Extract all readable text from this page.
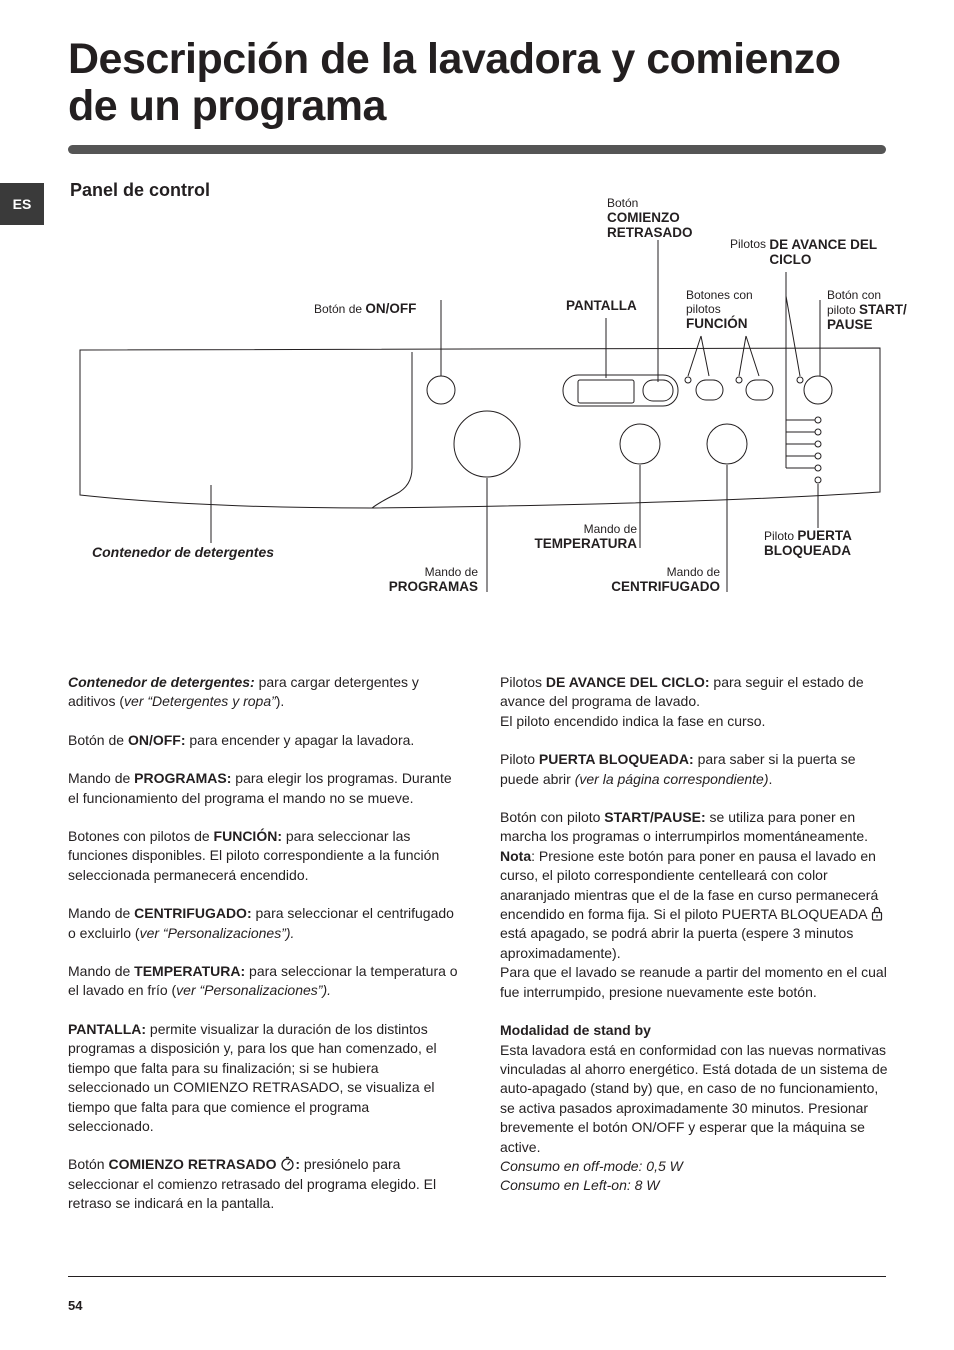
Descripción de la lavadora y comienzo de un programa
ES
Panel de control
Botón
COMIENZO RETRASADO
Pilotos DE AVANCE DEL CICLO
Botón de ON/OFF	PANTALLA
Botones con pilotos
FUNCIÓN
Botón con
piloto START/
PAUSE
Contenedor de detergentes
Mando de
TEMPERATURA	Piloto PUERTA
BLOQUEADA
Mando de
PROGRAMAS
Mando de
CENTRIFUGADO

Contenedor de detergentes: para cargar detergentes y aditivos (ver “Detergentes y ropa”).

Botón de ON/OFF: para encender y apagar la lavadora.

Mando de PROGRAMAS: para elegir los programas. Durante el funcionamiento del programa el mando no se mueve.

Botones con pilotos de FUNCIÓN: para seleccionar las funciones disponibles. El piloto correspondiente a la función seleccionada permanecerá encendido.

Mando de CENTRIFUGADO: para seleccionar el centrifugado o excluirlo (ver “Personalizaciones”).

Mando de TEMPERATURA: para seleccionar la temperatura o el lavado en frío (ver “Personalizaciones”).

PANTALLA: permite visualizar la duración de los distintos programas a disposición y, para los que han comenzado, el tiempo que falta para su finalización; si se hubiera seleccionado un COMIENZO RETRASADO, se visualiza el tiempo que falta para que comience el programa seleccionado.

Botón COMIENZO RETRASADO : presiónelo para seleccionar el comienzo retrasado del programa elegido. El retraso se indicará en la pantalla.

Pilotos DE AVANCE DEL CICLO: para seguir el estado de avance del programa de lavado.
El piloto encendido indica la fase en curso.

Piloto PUERTA BLOQUEADA: para saber si la puerta se puede abrir (ver la página correspondiente).

Botón con piloto START/PAUSE: se utiliza para poner en marcha los programas o interrumpirlos momentáneamente.
Nota: Presione este botón para poner en pausa el lavado en curso, el piloto correspondiente centelleará con color anaranjado mientras que el de la fase en curso permanecerá encendido en forma fija. Si el piloto PUERTA BLOQUEADA  está apagado, se podrá abrir la puerta (espere 3 minutos aproximadamente).
Para que el lavado se reanude a partir del momento en el cual fue interrumpido, presione nuevamente este botón.

Modalidad de stand by
Esta lavadora está en conformidad con las nuevas normativas vinculadas al ahorro energético. Está dotada de un sistema de auto-apagado (stand by) que, en caso de no funcionamiento, se activa pasados aproximadamente 30 minutos. Presionar brevemente el botón ON/OFF y esperar que la máquina se active.
Consumo en off-mode: 0,5 W
Consumo en Left-on: 8 W

54
